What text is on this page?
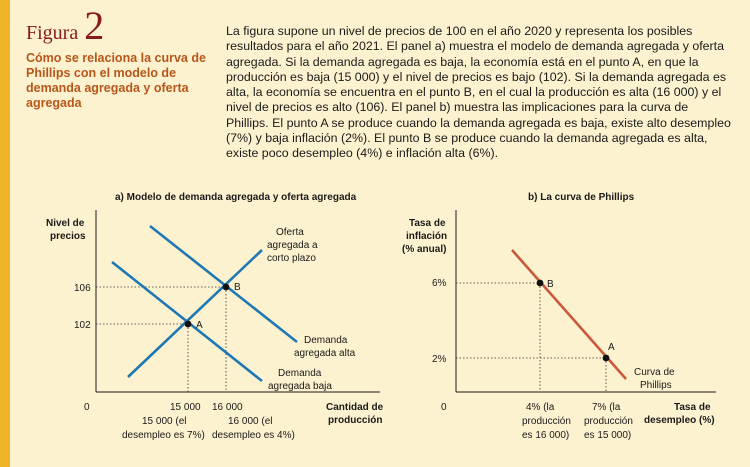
Figura 2
Cómo se relaciona la curva de Phillips con el modelo de demanda agregada y oferta agregada
La figura supone un nivel de precios de 100 en el año 2020 y representa los posibles resultados para el año 2021. El panel a) muestra el modelo de demanda agregada y oferta agregada. Si la demanda agregada es baja, la economía está en el punto A, en que la producción es baja (15 000) y el nivel de precios es bajo (102). Si la demanda agregada es alta, la economía se encuentra en el punto B, en el cual la producción es alta (16 000) y el nivel de precios es alto (106). El panel b) muestra las implicaciones para la curva de Phillips. El punto A se produce cuando la demanda agregada es baja, existe alto desempleo (7%) y baja inflación (2%). El punto B se produce cuando la demanda agregada es alta, existe poco desempleo (4%) e inflación alta (6%).
a) Modelo de demanda agregada y oferta agregada	b) La curva de Phillips
Nivel de
precios
106
102
0
A
B
Oferta
agregada a
corto plazo
Demanda
agregada alta
Demanda
agregada baja
15 000 16 000
15 000 (el
desempleo es 7%)
16 000 (el
desempleo es 4%)
Cantidad de
producción
Tasa de
inflación
(% anual)
6%
2%
0
B
A
Curva de
Phillips
4% (la
producción
es 16 000)
7% (la
producción
es 15 000)
Tasa de
desempleo (%)
